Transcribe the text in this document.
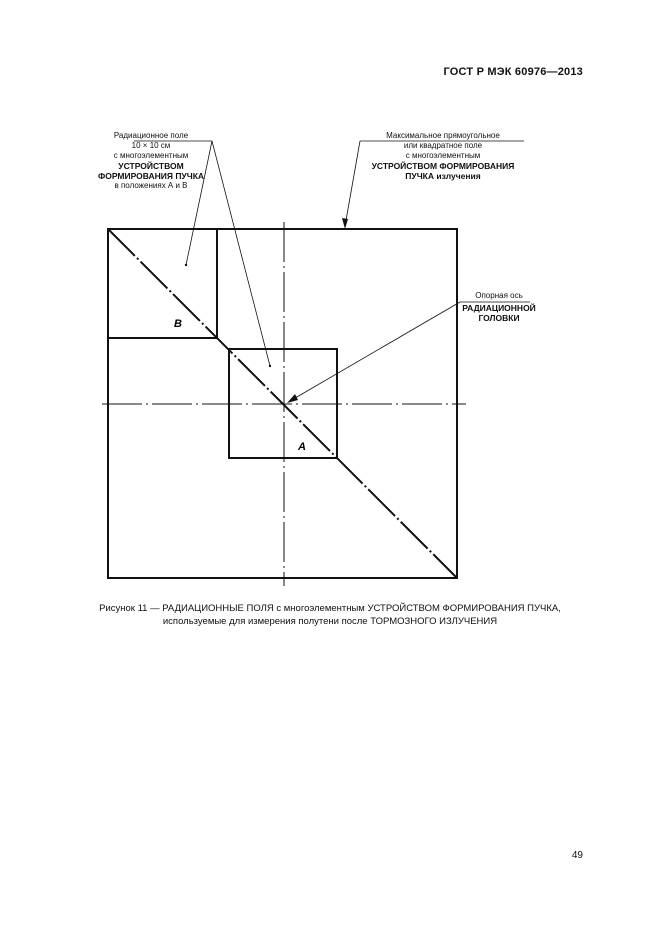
ГОСТ Р МЭК 60976—2013
B
A
Радиационное поле
10 × 10 см
с многоэлементным
УСТРОЙСТВОМ
ФОРМИРОВАНИЯ ПУЧКА
в положениях А и В
Максимальное прямоугольное
или квадратное поле
с многоэлементным
УСТРОЙСТВОМ ФОРМИРОВАНИЯ
ПУЧКА излучения
Опорная ось
РАДИАЦИОННОЙ
ГОЛОВКИ
Рисунок 11 — РАДИАЦИОННЫЕ ПОЛЯ с многоэлементным УСТРОЙСТВОМ ФОРМИРОВАНИЯ ПУЧКА,
используемые для измерения полутени после ТОРМОЗНОГО ИЗЛУЧЕНИЯ
49
